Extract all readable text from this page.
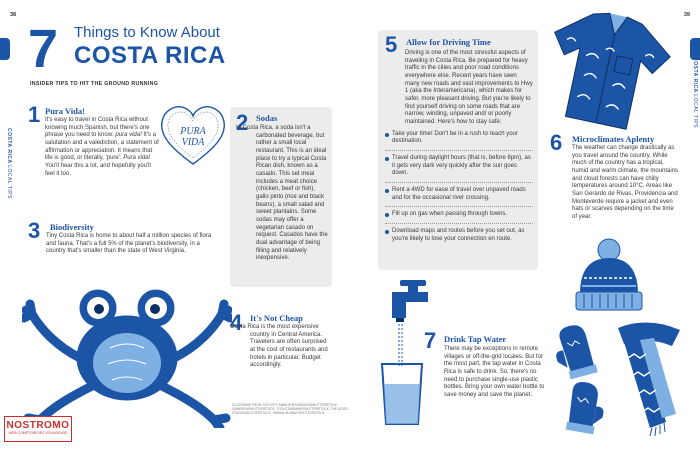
38	39
COSTA RICA LOCAL TIPS
COSTA RICA LOCAL TIPS
7 Things to Know About
COSTA RICA
INSIDER TIPS TO HIT THE GROUND RUNNING
1 Pura Vida!
It's easy to travel in Costa Rica without knowing much Spanish, but there's one phrase you need to know: pura vida! It's a salutation and a valediction, a statement of affirmation or appreciation. It means that life is good, or literally, 'pure'. Pura vida! You'll hear this a lot, and hopefully you'll feel it too.
PURA
VIDA
2 Sodas
In Costa Rica, a soda isn't a carbonated beverage, but rather a small local restaurant. This is an ideal place to try a typical Costa Rican dish, known as a casado. This set meal includes a meat choice (chicken, beef or fish), gallo pinto (rice and black beans), a small salad and sweet plantains. Some sodas may offer a vegetarian casado on request. Casados have the dual advantage of being filling and relatively inexpensive.
3 Biodiversity
Tiny Costa Rica is home to about half a million species of flora and fauna. That's a full 5% of the planet's biodiversity, in a country that's smaller than the state of West Virginia.
4 It's Not Cheap
Costa Rica is the most expensive country in Central America. Travelers are often surprised at the cost of restaurants and hotels in particular. Budget accordingly.
CLOCKWISE FROM TOP LEFT: ANNA SHETINSKAYA/SHUTTERSTOCK, CAMEREN/SHUTTERSTOCK, TOOLSTARBANK/SHUTTERSTOCK, THE GOOD STUDIO/SHUTTERSTOCK, SHIANA NUZBAY/SHUTTERSTOCK
NOSTROMO
WEB COMPTOIR DES VOYAGEURS
5 Allow for Driving Time
Driving is one of the most stressful aspects of traveling in Costa Rica. Be prepared for heavy traffic in the cities and poor road conditions everywhere else. Recent years have seen many new roads and vast improvements to Hwy 1 (aka the Interamericana), which makes for safer, more pleasant driving. But you're likely to find yourself driving on some roads that are narrow, winding, unpaved and/ or poorly maintained. Here's how to stay safe:
Take your time! Don't be in a rush to reach your destination.
Travel during daylight hours (that is, before 6pm), as it gets very dark very quickly after the sun goes down.
Rent a 4WD for ease of travel over unpaved roads and for the occasional river crossing.
Fill up on gas when passing through towns.
Download maps and routes before you set out, as you're likely to lose your connection en route.
6 Microclimates Aplenty
The weather can change drastically as you travel around the country. While much of the country has a tropical, humid and warm climate, the mountains and cloud forests can have chilly temperatures around 10°C. Areas like San Gerardo de Rivas, Providencia and Monteverde require a jacket and even hats or scarves depending on the time of year.
7 Drink Tap Water
There may be exceptions in remote villages or off-the-grid locales. But for the most part, the tap water in Costa Rica is safe to drink. So, there's no need to purchase single-use plastic bottles. Bring your own water bottle to save money and save the planet.
